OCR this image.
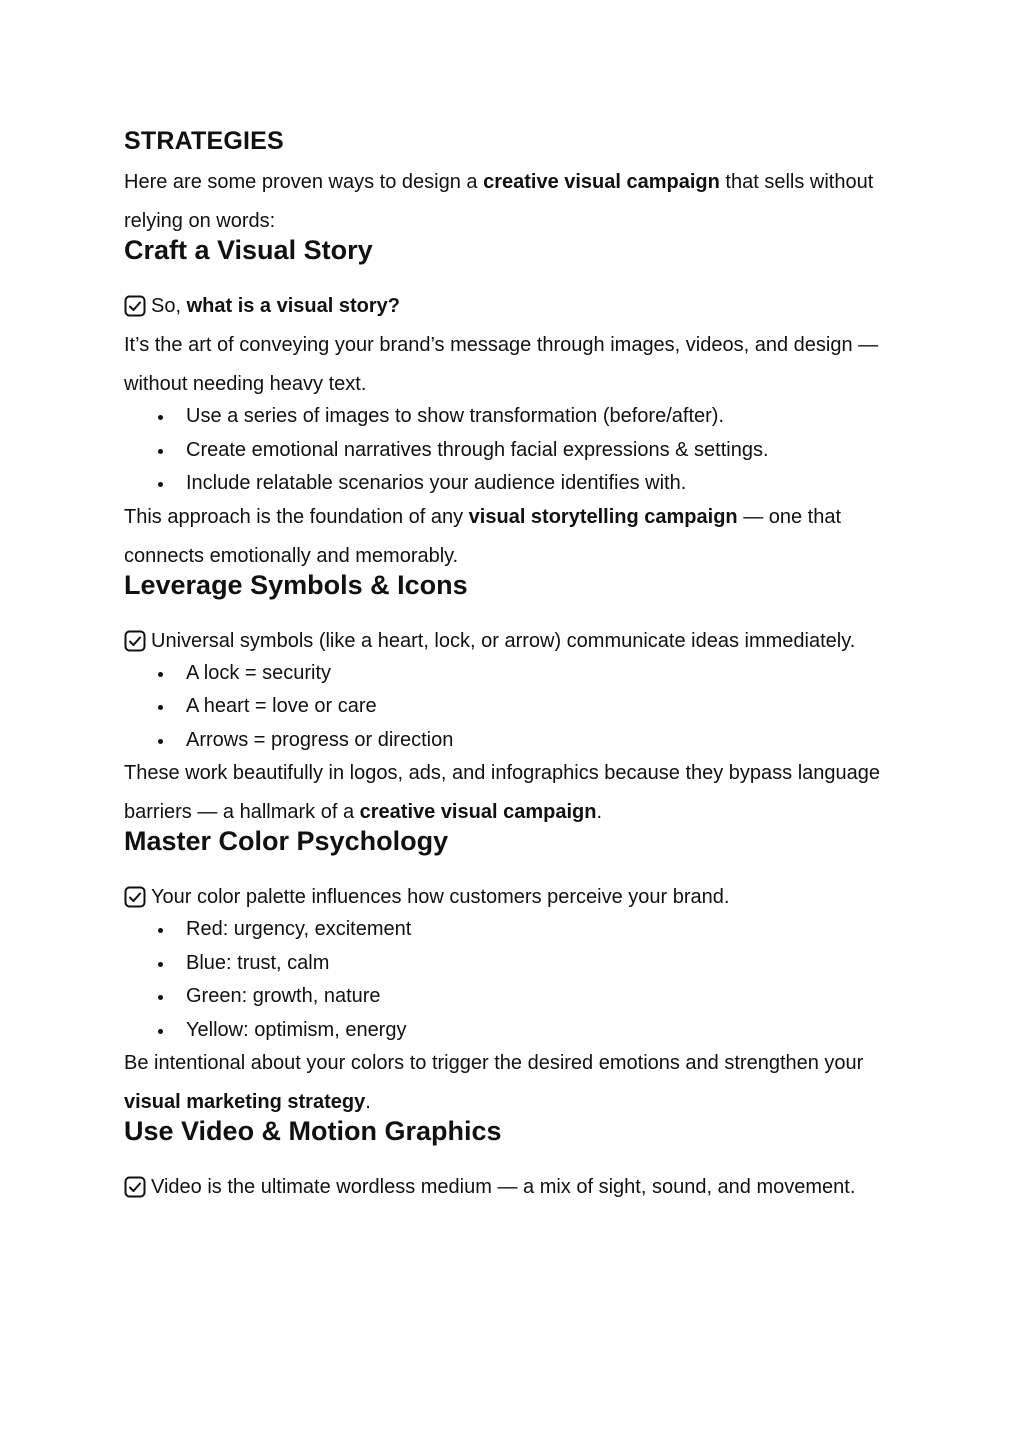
STRATEGIES

Here are some proven ways to design a creative visual campaign that sells without relying on words:

Craft a Visual Story

So, what is a visual story?

It’s the art of conveying your brand’s message through images, videos, and design — without needing heavy text.

Use a series of images to show transformation (before/after).
Create emotional narratives through facial expressions & settings.
Include relatable scenarios your audience identifies with.

This approach is the foundation of any visual storytelling campaign — one that connects emotionally and memorably.

Leverage Symbols & Icons

Universal symbols (like a heart, lock, or arrow) communicate ideas immediately.

A lock = security
A heart = love or care
Arrows = progress or direction

These work beautifully in logos, ads, and infographics because they bypass language barriers — a hallmark of a creative visual campaign.

Master Color Psychology

Your color palette influences how customers perceive your brand.

Red: urgency, excitement
Blue: trust, calm
Green: growth, nature
Yellow: optimism, energy

Be intentional about your colors to trigger the desired emotions and strengthen your visual marketing strategy.

Use Video & Motion Graphics

Video is the ultimate wordless medium — a mix of sight, sound, and movement.
